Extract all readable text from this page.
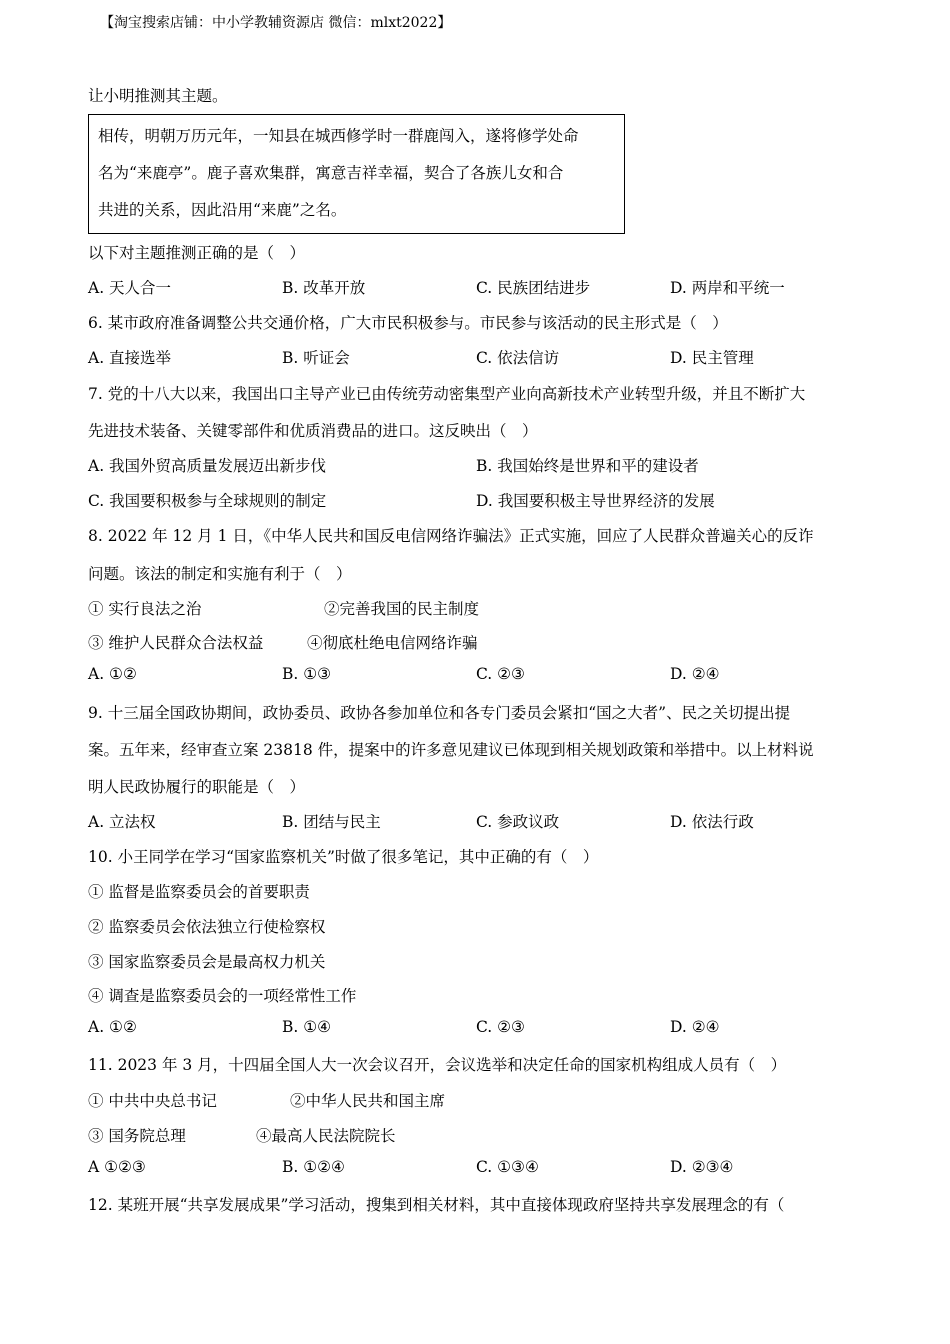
【淘宝搜索店铺：中小学教辅资源店 微信：mlxt2022】
让小明推测其主题。
相传，明朝万历元年，一知县在城西修学时一群鹿闯入，遂将修学处命
名为“来鹿亭”。鹿子喜欢集群，寓意吉祥幸福，契合了各族儿女和合
共进的关系，因此沿用“来鹿”之名。
以下对主题推测正确的是（　）
A. 天人合一	B. 改革开放	C. 民族团结进步	D. 两岸和平统一
6. 某市政府准备调整公共交通价格，广大市民积极参与。市民参与该活动的民主形式是（　）
A. 直接选举	B. 听证会	C. 依法信访	D. 民主管理
7. 党的十八大以来，我国出口主导产业已由传统劳动密集型产业向高新技术产业转型升级，并且不断扩大
先进技术装备、关键零部件和优质消费品的进口。这反映出（　）
A. 我国外贸高质量发展迈出新步伐	B. 我国始终是世界和平的建设者
C. 我国要积极参与全球规则的制定	D. 我国要积极主导世界经济的发展
8. 2022 年 12 月 1 日，《中华人民共和国反电信网络诈骗法》正式实施，回应了人民群众普遍关心的反诈
问题。该法的制定和实施有利于（　）
① 实行良法之治	②完善我国的民主制度
③ 维护人民群众合法权益	④彻底杜绝电信网络诈骗
A. ①②	B. ①③	C. ②③	D. ②④
9. 十三届全国政协期间，政协委员、政协各参加单位和各专门委员会紧扣“国之大者”、民之关切提出提
案。五年来，经审查立案 23818 件，提案中的许多意见建议已体现到相关规划政策和举措中。以上材料说
明人民政协履行的职能是（　）
A. 立法权	B. 团结与民主	C. 参政议政	D. 依法行政
10. 小王同学在学习“国家监察机关”时做了很多笔记，其中正确的有（　）
① 监督是监察委员会的首要职责
② 监察委员会依法独立行使检察权
③ 国家监察委员会是最高权力机关
④ 调查是监察委员会的一项经常性工作
A. ①②	B. ①④	C. ②③	D. ②④
11. 2023 年 3 月，十四届全国人大一次会议召开，会议选举和决定任命的国家机构组成人员有（　）
① 中共中央总书记	②中华人民共和国主席
③ 国务院总理	④最高人民法院院长
A ①②③	B. ①②④	C. ①③④	D. ②③④
12. 某班开展“共享发展成果”学习活动，搜集到相关材料，其中直接体现政府坚持共享发展理念的有（
